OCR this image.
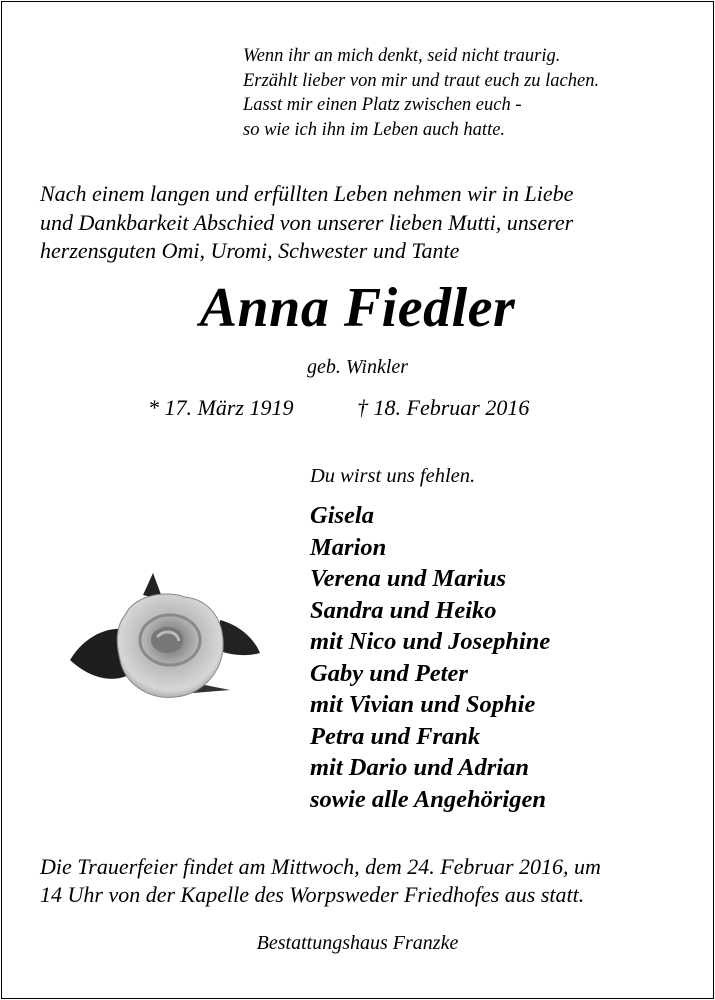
Wenn ihr an mich denkt, seid nicht traurig.
Erzählt lieber von mir und traut euch zu lachen.
Lasst mir einen Platz zwischen euch -
so wie ich ihn im Leben auch hatte.
Nach einem langen und erfüllten Leben nehmen wir in Liebe
und Dankbarkeit Abschied von unserer lieben Mutti, unserer
herzensguten Omi, Uromi, Schwester und Tante
Anna Fiedler
geb. Winkler
* 17. März 1919	† 18. Februar 2016
Du wirst uns fehlen.
Gisela
Marion
Verena und Marius
Sandra und Heiko
mit Nico und Josephine
Gaby und Peter
mit Vivian und Sophie
Petra und Frank
mit Dario und Adrian
sowie alle Angehörigen
Die Trauerfeier findet am Mittwoch, dem 24. Februar 2016, um
14 Uhr von der Kapelle des Worpsweder Friedhofes aus statt.
Bestattungshaus Franzke
